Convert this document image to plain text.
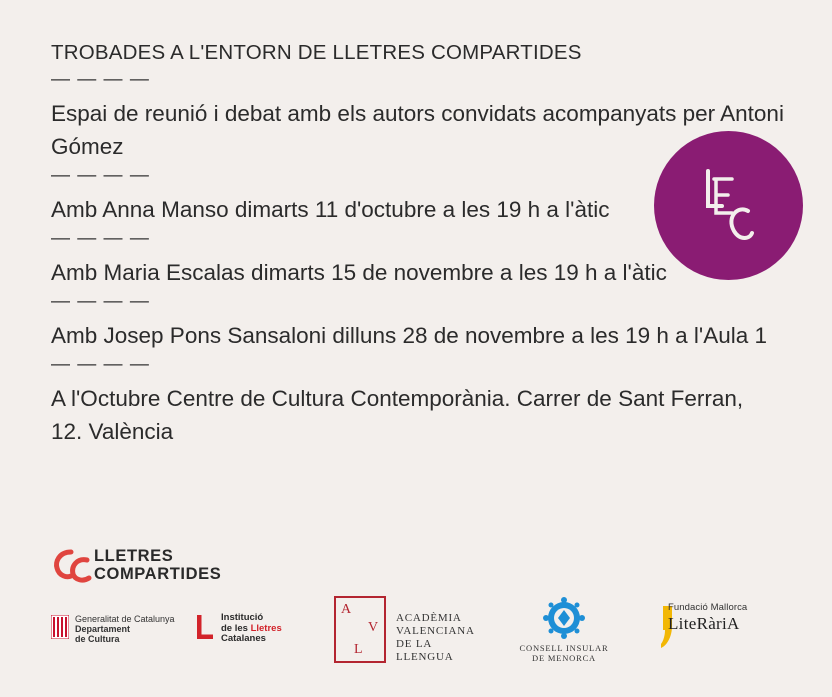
TROBADES A L'ENTORN DE LLETRES COMPARTIDES

— — — —

Espai de reunió i debat amb els autors convidats acompanyats per Antoni Gómez

— — — —

Amb Anna Manso dimarts 11 d'octubre a les 19 h a l'àtic

— — — —

Amb Maria Escalas dimarts 15 de novembre a les 19 h a l'àtic

— — — —

Amb Josep Pons Sansaloni dilluns 28 de novembre a les 19 h a l'Aula 1

— — — —

A l'Octubre Centre de Cultura Contemporània. Carrer de Sant Ferran, 12. València

LLETRES
COMPARTIDES
Generalitat de Catalunya
Departament
de Cultura
Institució
de les Lletres
Catalanes
A
V
L
ACADÈMIA
VALENCIANA
DE LA
LLENGUA
CONSELL INSULAR
DE MENORCA
Fundació Mallorca
LiteRàriA
